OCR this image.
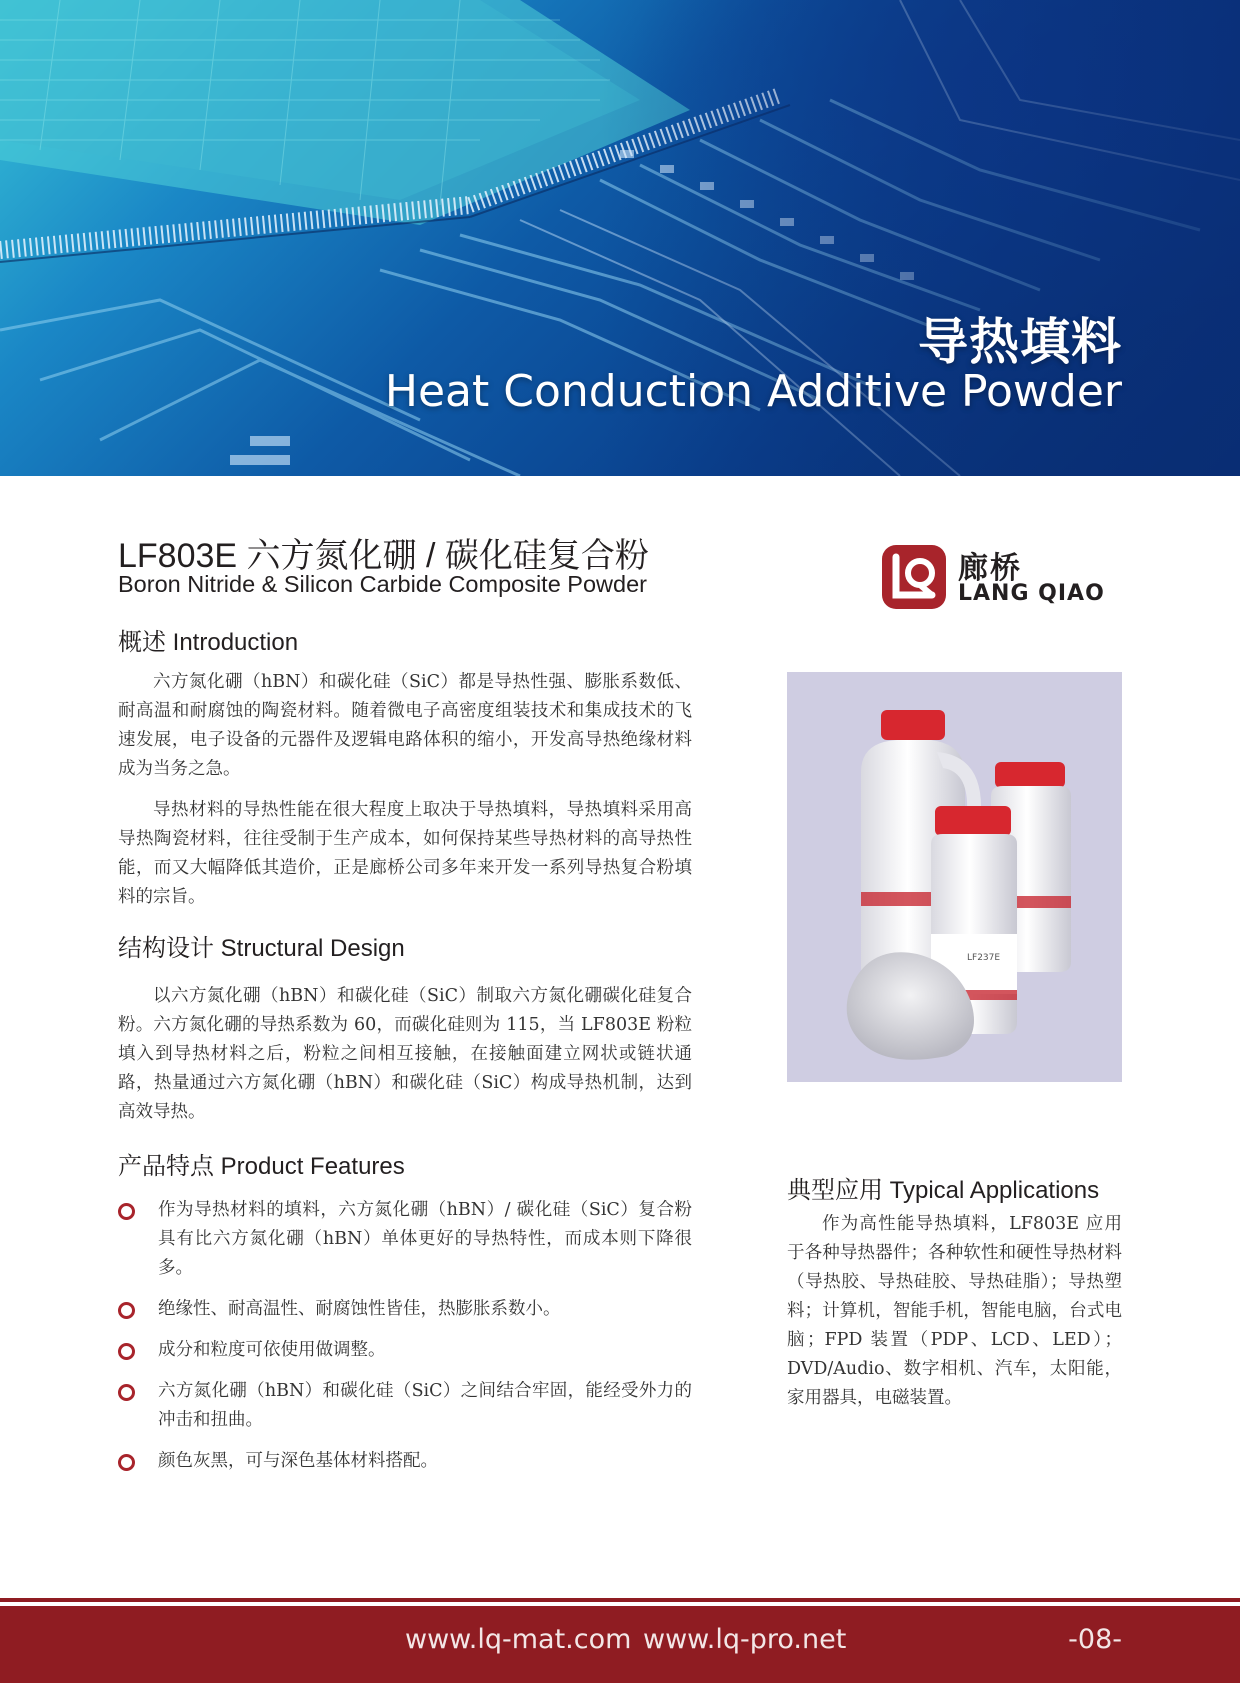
导热填料
Heat Conduction Additive Powder
LF803E 六方氮化硼 / 碳化硅复合粉
Boron Nitride & Silicon Carbide Composite Powder
概述 Introduction

六方氮化硼（hBN）和碳化硅（SiC）都是导热性强、膨胀系数低、耐高温和耐腐蚀的陶瓷材料。随着微电子高密度组装技术和集成技术的飞速发展，电子设备的元器件及逻辑电路体积的缩小，开发高导热绝缘材料成为当务之急。

导热材料的导热性能在很大程度上取决于导热填料，导热填料采用高导热陶瓷材料，往往受制于生产成本，如何保持某些导热材料的高导热性能，而又大幅降低其造价，正是廊桥公司多年来开发一系列导热复合粉填料的宗旨。

结构设计 Structural Design

以六方氮化硼（hBN）和碳化硅（SiC）制取六方氮化硼碳化硅复合粉。六方氮化硼的导热系数为 60，而碳化硅则为 115，当 LF803E 粉粒填入到导热材料之后，粉粒之间相互接触，在接触面建立网状或链状通路，热量通过六方氮化硼（hBN）和碳化硅（SiC）构成导热机制，达到高效导热。

产品特点 Product Features
作为导热材料的填料，六方氮化硼（hBN）/ 碳化硅（SiC）复合粉具有比六方氮化硼（hBN）单体更好的导热特性，而成本则下降很多。
绝缘性、耐高温性、耐腐蚀性皆佳，热膨胀系数小。
成分和粒度可依使用做调整。
六方氮化硼（hBN）和碳化硅（SiC）之间结合牢固，能经受外力的冲击和扭曲。
颜色灰黑，可与深色基体材料搭配。
廊桥
LANG QIAO
LF237E
典型应用 Typical Applications

作为高性能导热填料，LF803E 应用于各种导热器件；各种软性和硬性导热材料（导热胶、导热硅胶、导热硅脂）；导热塑料；计算机，智能手机，智能电脑，台式电脑；FPD 装置（PDP、LCD、LED）；DVD/Audio、数字相机、汽车，太阳能，家用器具，电磁装置。

www.lq-mat.com www.lq-pro.net	-08-
